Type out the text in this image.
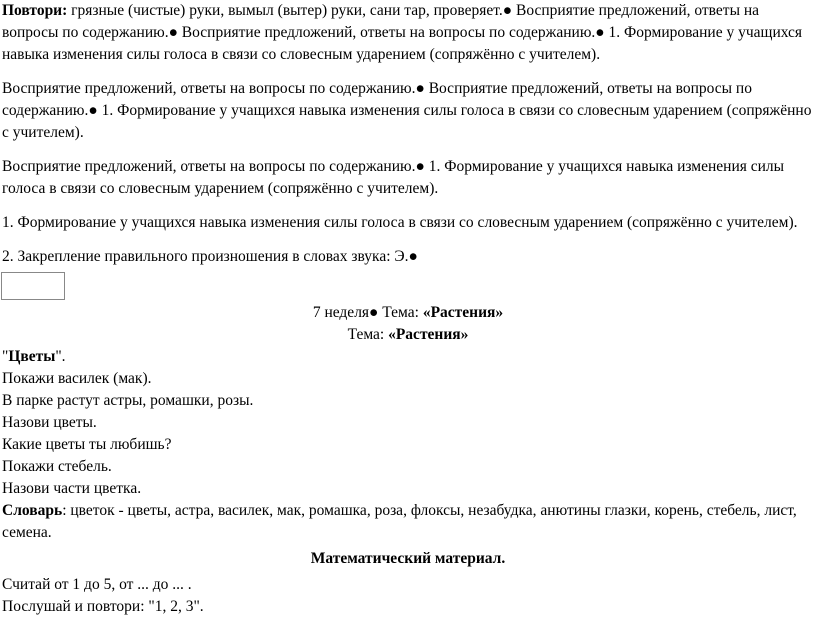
Повтори: грязные (чистые) руки, вымыл (вытер) руки, сани тар, проверяет.● Восприятие предложений, ответы на вопросы по содержанию.● Восприятие предложений, ответы на вопросы по содержанию.● 1. Формирование у учащихся навыка изменения силы голоса в связи со словесным ударением (сопряжённо с учителем).

Восприятие предложений, ответы на вопросы по содержанию.● Восприятие предложений, ответы на вопросы по содержанию.● 1. Формирование у учащихся навыка изменения силы голоса в связи со словесным ударением (сопряжённо с учителем).

Восприятие предложений, ответы на вопросы по содержанию.● 1. Формирование у учащихся навыка изменения силы голоса в связи со словесным ударением (сопряжённо с учителем).

1. Формирование у учащихся навыка изменения силы голоса в связи со словесным ударением (сопряжённо с учителем).

2. Закрепление правильного произношения в словах звука: Э.●

7 неделя● Тема: «Растения»

Тема: «Растения»

"Цветы".

Покажи василек (мак).

В парке растут астры, ромашки, розы.

Назови цветы.

Какие цветы ты любишь?

Покажи стебель.

Назови части цветка.

Словарь: цветок - цветы, астра, василек, мак, ромашка, роза, флоксы, незабудка, анютины глазки, корень, стебель, лист, семена.

Математический материал.

Считай от 1 до 5, от ... до ... .

Послушай и повтори: "1, 2, 3".
